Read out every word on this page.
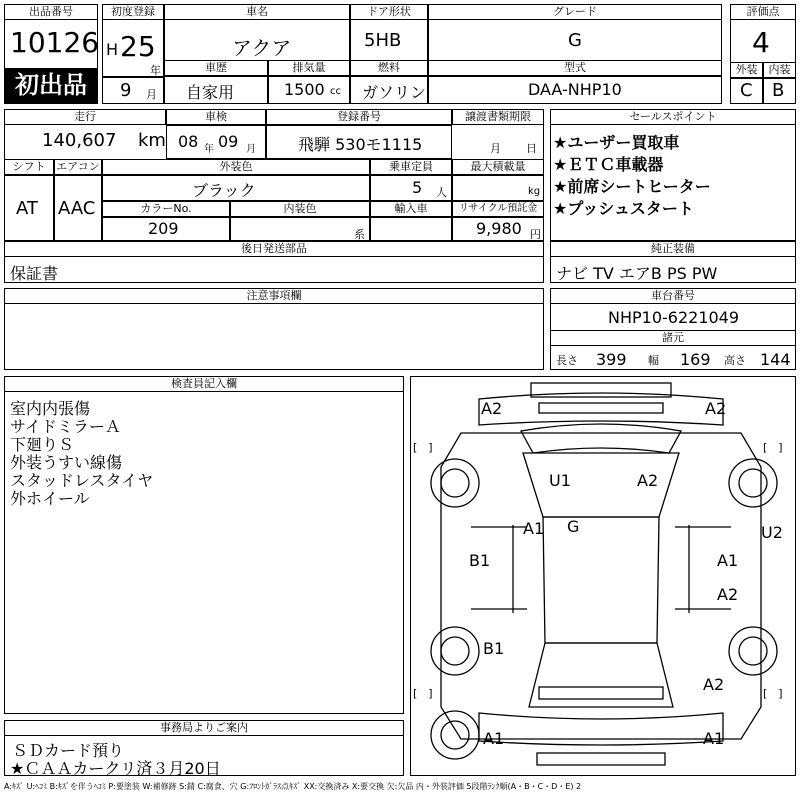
出品番号
10126
初出品
初度登録
H 25
年
9 月
車名
アクア
車歴	排気量
自家用	1500 cc
ドア形状
5HB
燃料
ガソリン
グレード
G
型式
DAA-NHP10
評価点
4
外装	内装
C B
走行
140,607 km
車検
08 年 09 月
登録番号
飛騨 530モ1115
譲渡書類期限
月 日
シフト エアコン
AT AAC
外装色
ブラック
乗車定員
5 人
最大積載量
kg
カラーNo.
209
内装色
系
輸入車	リサイクル預託金
9,980 円
後日発送部品
保証書
セールスポイント
★ユーザー買取車
★ＥＴＣ車載器
★前席シートヒーター
★プッシュスタート
純正装備
ナビ TV エアB PS PW
注意事項欄	車台番号
NHP10-6221049
諸元
長さ 399 幅 169 高さ 144
検査員記入欄
室内内張傷
サイドミラーＡ
下廻りＳ
外装うすい線傷
スタッドレスタイヤ
外ホイール
A2	A2
U1	A2
A1 G	U2
B1	A1
A2
B1
A2
A1	A1
[　]	[　]
[　]	[　]
事務局よりご案内
ＳＤカード預り
★ＣＡＡカークリ済３月20日
A:ｷｽﾞ U:ﾍｺﾐ B:ｷｽﾞを伴うﾍｺﾐ P:要塗装 W:補修跡 S:錆 C:腐食、穴 G:ﾌﾛﾝﾄｶﾞﾗｽ点ｷｽﾞ XX:交換済み X:要交換 欠:欠品 内・外装評価 5段階ﾗﾝｸ順(A・B・C・D・E) 2
